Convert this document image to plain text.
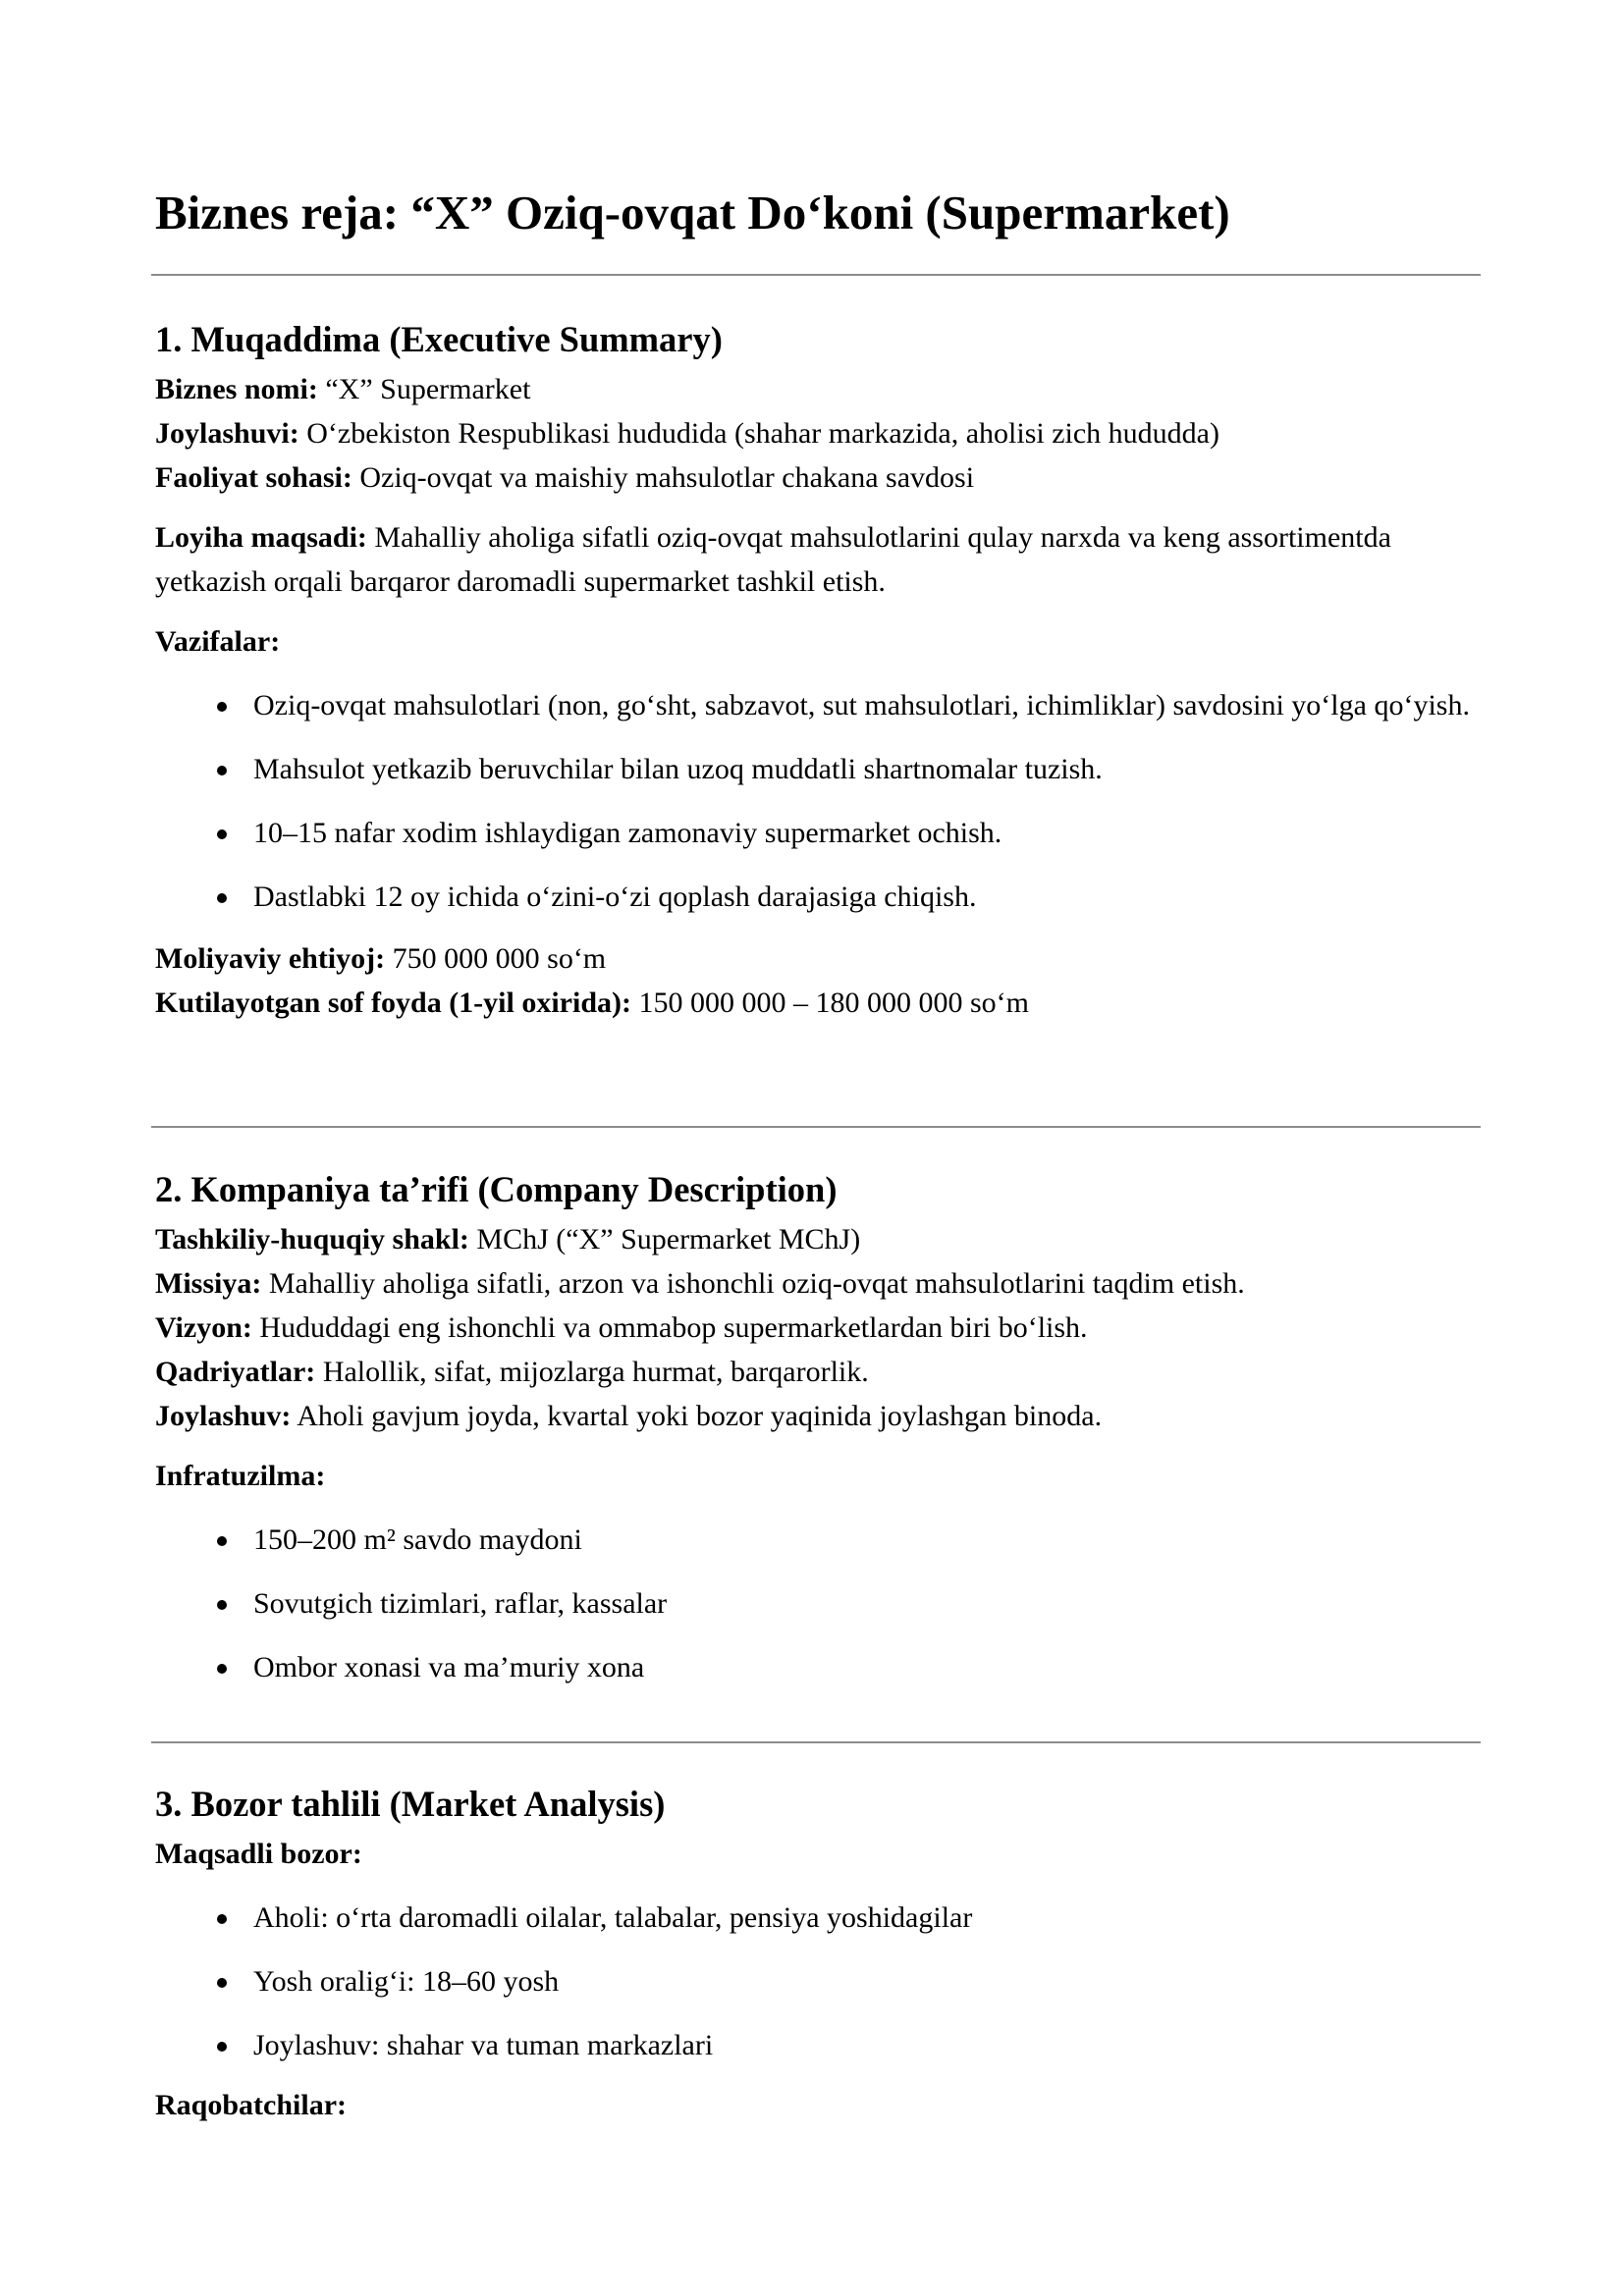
Biznes reja: “X” Oziq-ovqat Do‘koni (Supermarket)
1. Muqaddima (Executive Summary)
Biznes nomi: “X” Supermarket
Joylashuvi: O‘zbekiston Respublikasi hududida (shahar markazida, aholisi zich hududda)
Faoliyat sohasi: Oziq-ovqat va maishiy mahsulotlar chakana savdosi

Loyiha maqsadi: Mahalliy aholiga sifatli oziq-ovqat mahsulotlarini qulay narxda va keng assortimentda yetkazish orqali barqaror daromadli supermarket tashkil etish.

Vazifalar:
Oziq-ovqat mahsulotlari (non, go‘sht, sabzavot, sut mahsulotlari, ichimliklar) savdosini yo‘lga qo‘yish.
Mahsulot yetkazib beruvchilar bilan uzoq muddatli shartnomalar tuzish.
10–15 nafar xodim ishlaydigan zamonaviy supermarket ochish.
Dastlabki 12 oy ichida o‘zini-o‘zi qoplash darajasiga chiqish.
Moliyaviy ehtiyoj: 750 000 000 so‘m
Kutilayotgan sof foyda (1-yil oxirida): 150 000 000 – 180 000 000 so‘m
2. Kompaniya ta’rifi (Company Description)
Tashkiliy-huquqiy shakl: MChJ (“X” Supermarket MChJ)
Missiya: Mahalliy aholiga sifatli, arzon va ishonchli oziq-ovqat mahsulotlarini taqdim etish.
Vizyon: Hududdagi eng ishonchli va ommabop supermarketlardan biri bo‘lish.
Qadriyatlar: Halollik, sifat, mijozlarga hurmat, barqarorlik.
Joylashuv: Aholi gavjum joyda, kvartal yoki bozor yaqinida joylashgan binoda.
Infratuzilma:
150–200 m² savdo maydoni
Sovutgich tizimlari, raflar, kassalar
Ombor xonasi va ma’muriy xona
3. Bozor tahlili (Market Analysis)
Maqsadli bozor:
Aholi: o‘rta daromadli oilalar, talabalar, pensiya yoshidagilar
Yosh oralig‘i: 18–60 yosh
Joylashuv: shahar va tuman markazlari
Raqobatchilar:
